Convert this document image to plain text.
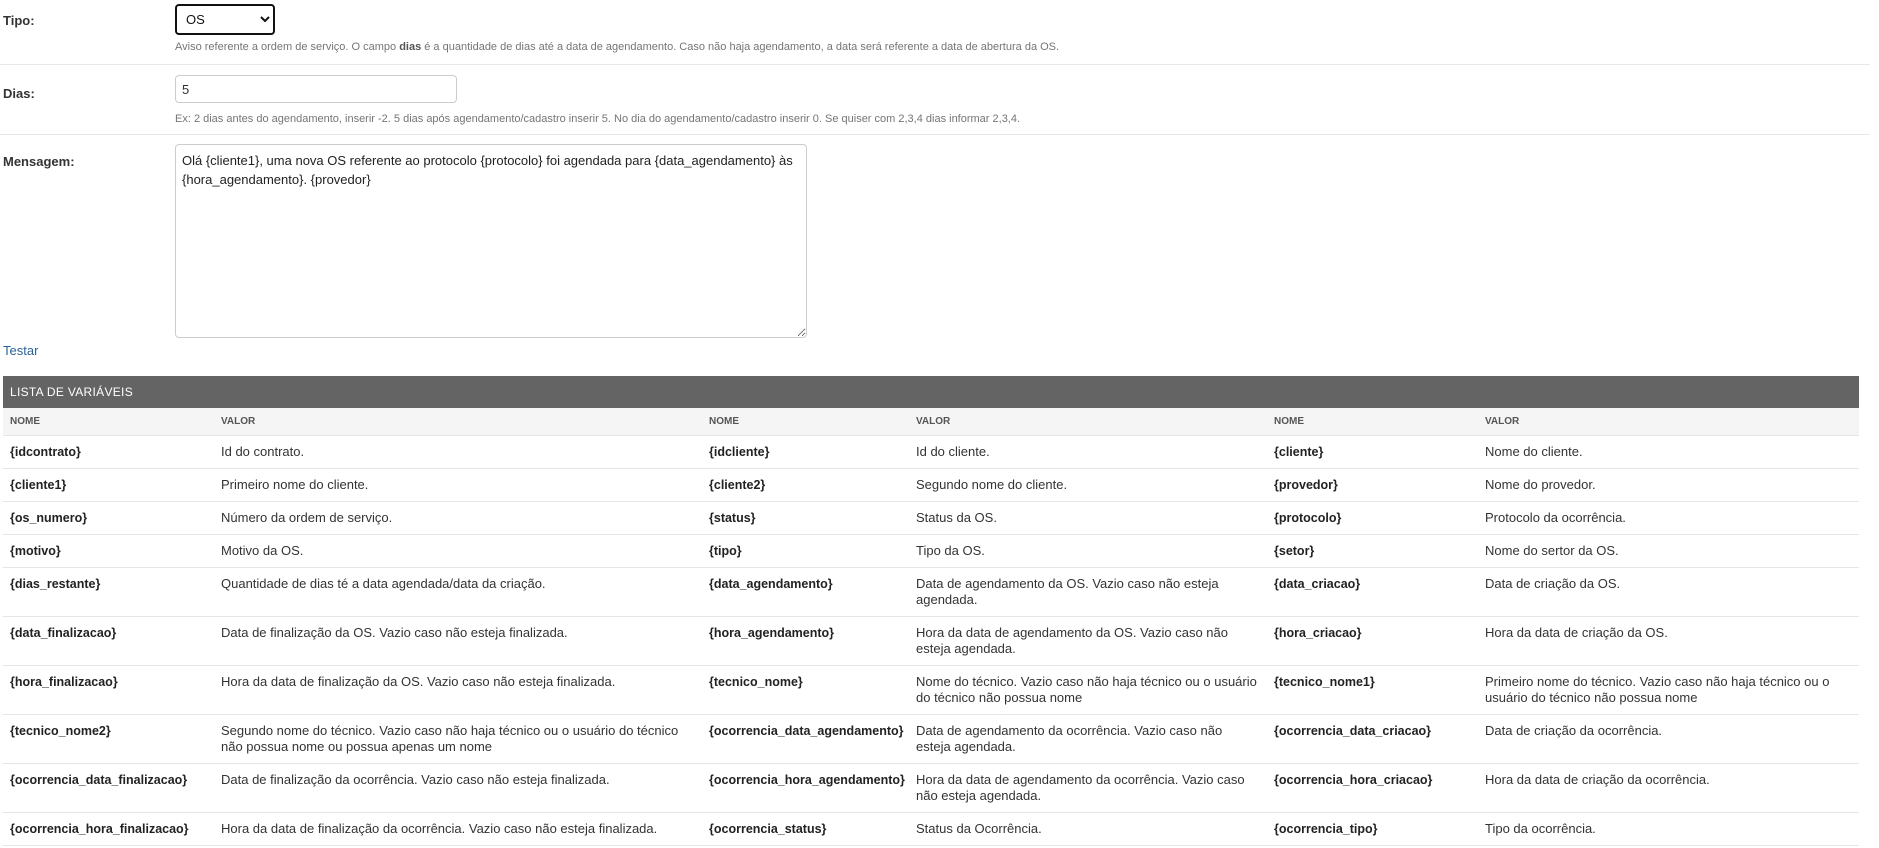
Tipo:
OS
Aviso referente a ordem de serviço. O campo dias é a quantidade de dias até a data de agendamento. Caso não haja agendamento, a data será referente a data de abertura da OS.
Dias:
Ex: 2 dias antes do agendamento, inserir -2. 5 dias após agendamento/cadastro inserir 5. No dia do agendamento/cadastro inserir 0. Se quiser com 2,3,4 dias informar 2,3,4.
5
Mensagem:
Olá {cliente1}, uma nova OS referente ao protocolo {protocolo} foi agendada para {data_agendamento} às {hora_agendamento}. {provedor}
Testar
LISTA DE VARIÁVEIS
NOME	VALOR	NOME	VALOR	NOME	VALOR
{idcontrato}	Id do contrato.	{idcliente}	Id do cliente.	{cliente}	Nome do cliente.
{cliente1}	Primeiro nome do cliente.	{cliente2}	Segundo nome do cliente.	{provedor}	Nome do provedor.
{os_numero}	Número da ordem de serviço.	{status}	Status da OS.	{protocolo}	Protocolo da ocorrência.
{motivo}	Motivo da OS.	{tipo}	Tipo da OS.	{setor}	Nome do sertor da OS.
{dias_restante}	Quantidade de dias té a data agendada/data da criação.	{data_agendamento}	Data de agendamento da OS. Vazio caso não esteja agendada.	{data_criacao}	Data de criação da OS.
{data_finalizacao}	Data de finalização da OS. Vazio caso não esteja finalizada.	{hora_agendamento}	Hora da data de agendamento da OS. Vazio caso não esteja agendada.	{hora_criacao}	Hora da data de criação da OS.
{hora_finalizacao}	Hora da data de finalização da OS. Vazio caso não esteja finalizada.	{tecnico_nome}	Nome do técnico. Vazio caso não haja técnico ou o usuário do técnico não possua nome	{tecnico_nome1}	Primeiro nome do técnico. Vazio caso não haja técnico ou o usuário do técnico não possua nome
{tecnico_nome2}	Segundo nome do técnico. Vazio caso não haja técnico ou o usuário do técnico não possua nome ou possua apenas um nome	{ocorrencia_data_agendamento}	Data de agendamento da ocorrência. Vazio caso não esteja agendada.	{ocorrencia_data_criacao}	Data de criação da ocorrência.
{ocorrencia_data_finalizacao}	Data de finalização da ocorrência. Vazio caso não esteja finalizada.	{ocorrencia_hora_agendamento}	Hora da data de agendamento da ocorrência. Vazio caso não esteja agendada.	{ocorrencia_hora_criacao}	Hora da data de criação da ocorrência.
{ocorrencia_hora_finalizacao}	Hora da data de finalização da ocorrência. Vazio caso não esteja finalizada.	{ocorrencia_status}	Status da Ocorrência.	{ocorrencia_tipo}	Tipo da ocorrência.
